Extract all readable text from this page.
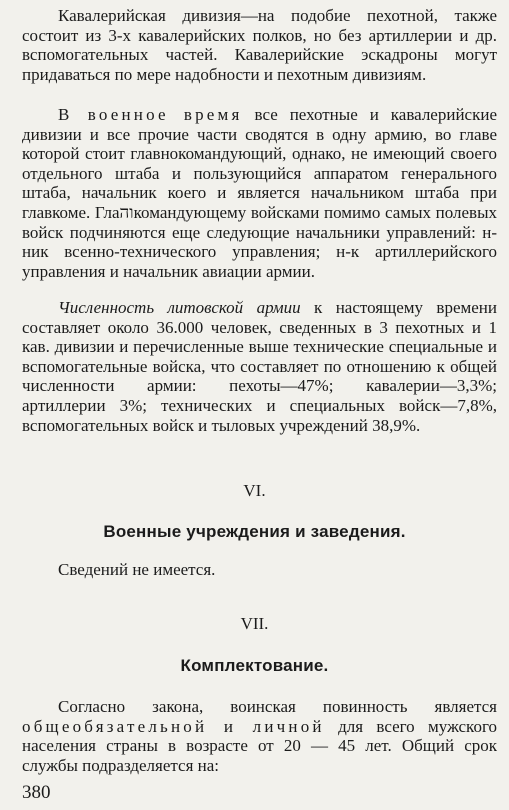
Кавалерийская дивизия—на подобие пехотной, также состоит из 3-х кавалерийских полков, но без артиллерии и др. вспомогательных частей. Кавалерийские эскадроны могут придаваться по мере надобности и пехотным дивизиям.

В военное время все пехотные и кавалерийские дивизии и все прочие части сводятся в одну армию, во главе которой стоит главнокомандующий, однако, не имеющий своего отдельного штаба и пользующийся аппаратом генерального штаба, начальник коего и является начальником штаба при главкоме. Глаוהкомандующему войсками помимо самых полевых войск подчиняются еще следующие начальники управлений: н-ник всенно-технического управления; н-к артиллерийского управления и начальник авиации армии.

Численность литовской армии к настоящему времени составляет около 36.000 человек, сведенных в 3 пехотных и 1 кав. дивизии и перечисленные выше технические специальные и вспомогательные войска, что составляет по отношению к общей численности армии: пехоты—47%; кавалерии—3,3%; артиллерии 3%; технических и специальных войск—7,8%, вспомогательных войск и тыловых учреждений 38,9%.

VI.
Военные учреждения и заведения.

Сведений не имеется.

VII.
Комплектование.

Согласно закона, воинская повинность является общеобязательной и личной для всего мужского населения страны в возрасте от 20 — 45 лет. Общий срок службы подразделяется на:

380
